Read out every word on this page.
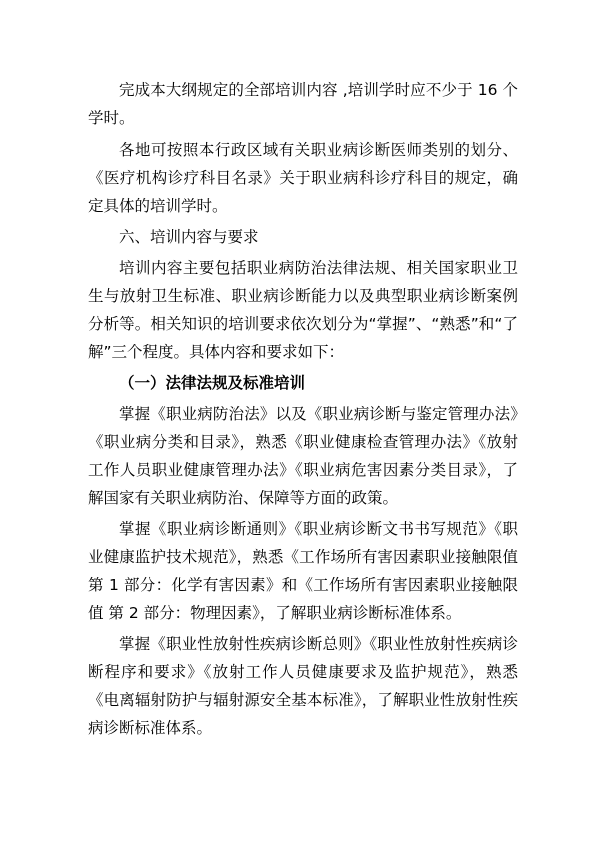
完成本大纲规定的全部培训内容 ,培训学时应不少于 16 个学时。

各地可按照本行政区域有关职业病诊断医师类别的划分、《医疗机构诊疗科目名录》关于职业病科诊疗科目的规定，确定具体的培训学时。

六、培训内容与要求

培训内容主要包括职业病防治法律法规、相关国家职业卫生与放射卫生标准、职业病诊断能力以及典型职业病诊断案例分析等。相关知识的培训要求依次划分为“掌握”、“熟悉”和“了解”三个程度。具体内容和要求如下：

（一）法律法规及标准培训

掌握《职业病防治法》以及《职业病诊断与鉴定管理办法》《职业病分类和目录》，熟悉《职业健康检查管理办法》《放射工作人员职业健康管理办法》《职业病危害因素分类目录》，了解国家有关职业病防治、保障等方面的政策。

掌握《职业病诊断通则》《职业病诊断文书书写规范》《职业健康监护技术规范》，熟悉《工作场所有害因素职业接触限值 第 1 部分：化学有害因素》和《工作场所有害因素职业接触限值 第 2 部分：物理因素》，了解职业病诊断标准体系。

掌握《职业性放射性疾病诊断总则》《职业性放射性疾病诊断程序和要求》《放射工作人员健康要求及监护规范》，熟悉《电离辐射防护与辐射源安全基本标准》，了解职业性放射性疾病诊断标准体系。
